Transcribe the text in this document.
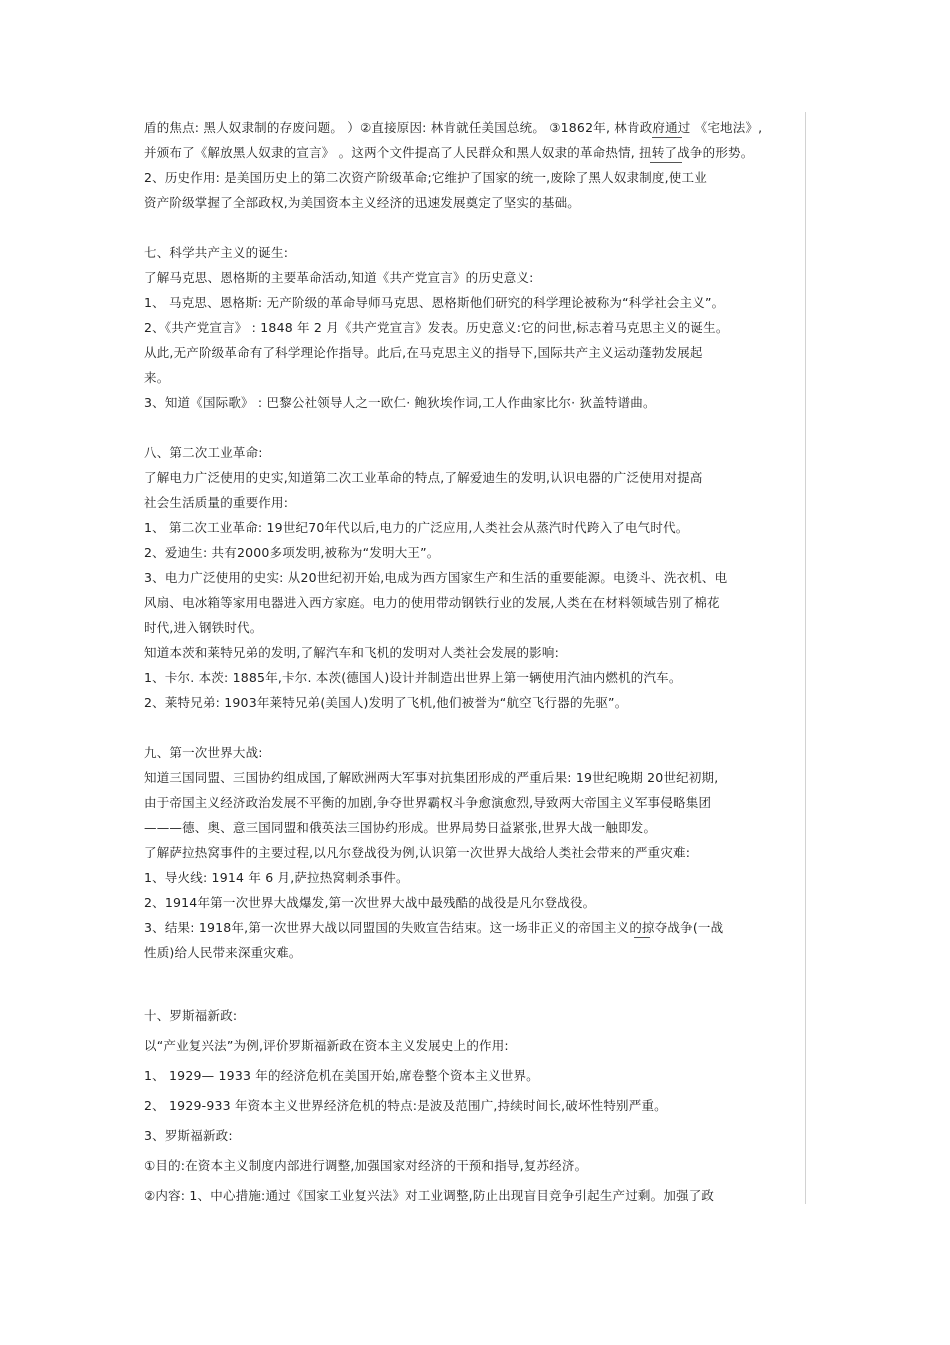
盾的焦点: 黑人奴隶制的存废问题。 ）②直接原因: 林肯就任美国总统。 ③1862年, 林肯政府通过 《宅地法》,
并颁布了《解放黑人奴隶的宣言》 。这两个文件提高了人民群众和黑人奴隶的革命热情, 扭转了战争的形势。
2、历史作用: 是美国历史上的第二次资产阶级革命;它维护了国家的统一,废除了黑人奴隶制度,使工业
资产阶级掌握了全部政权,为美国资本主义经济的迅速发展奠定了坚实的基础。
七、科学共产主义的诞生:
了解马克思、恩格斯的主要革命活动,知道《共产党宣言》的历史意义:
1、 马克思、恩格斯: 无产阶级的革命导师马克思、恩格斯他们研究的科学理论被称为“科学社会主义”。
2、《共产党宣言》 : 1848 年 2 月《共产党宣言》发表。历史意义:它的问世,标志着马克思主义的诞生。
从此,无产阶级革命有了科学理论作指导。此后,在马克思主义的指导下,国际共产主义运动蓬勃发展起
来。
3、知道《国际歌》 : 巴黎公社领导人之一欧仁· 鲍狄埃作词,工人作曲家比尔· 狄盖特谱曲。
八、第二次工业革命:
了解电力广泛使用的史实,知道第二次工业革命的特点,了解爱迪生的发明,认识电器的广泛使用对提高
社会生活质量的重要作用:
1、 第二次工业革命: 19世纪70年代以后,电力的广泛应用,人类社会从蒸汽时代跨入了电气时代。
2、爱迪生: 共有2000多项发明,被称为“发明大王”。
3、电力广泛使用的史实: 从20世纪初开始,电成为西方国家生产和生活的重要能源。电烫斗、洗衣机、电
风扇、电冰箱等家用电器进入西方家庭。电力的使用带动钢铁行业的发展,人类在在材料领域告别了棉花
时代,进入钢铁时代。
知道本茨和莱特兄弟的发明,了解汽车和飞机的发明对人类社会发展的影响:
1、卡尔. 本茨: 1885年,卡尔. 本茨(德国人)设计并制造出世界上第一辆使用汽油内燃机的汽车。
2、莱特兄弟: 1903年莱特兄弟(美国人)发明了飞机,他们被誉为“航空飞行器的先驱”。
九、第一次世界大战:
知道三国同盟、三国协约组成国,了解欧洲两大军事对抗集团形成的严重后果: 19世纪晚期 20世纪初期,
由于帝国主义经济政治发展不平衡的加剧,争夺世界霸权斗争愈演愈烈,导致两大帝国主义军事侵略集团
———德、奥、意三国同盟和俄英法三国协约形成。世界局势日益紧张,世界大战一触即发。
了解萨拉热窝事件的主要过程,以凡尔登战役为例,认识第一次世界大战给人类社会带来的严重灾难:
1、导火线: 1914 年 6 月,萨拉热窝刺杀事件。
2、1914年第一次世界大战爆发,第一次世界大战中最残酷的战役是凡尔登战役。
3、结果: 1918年,第一次世界大战以同盟国的失败宣告结束。这一场非正义的帝国主义的掠夺战争(一战
性质)给人民带来深重灾难。
十、罗斯福新政:
以“产业复兴法”为例,评价罗斯福新政在资本主义发展史上的作用:
1、 1929— 1933 年的经济危机在美国开始,席卷整个资本主义世界。
2、 1929-933 年资本主义世界经济危机的特点:是波及范围广,持续时间长,破坏性特别严重。
3、罗斯福新政:
①目的:在资本主义制度内部进行调整,加强国家对经济的干预和指导,复苏经济。
②内容: 1、中心措施:通过《国家工业复兴法》对工业调整,防止出现盲目竞争引起生产过剩。加强了政
